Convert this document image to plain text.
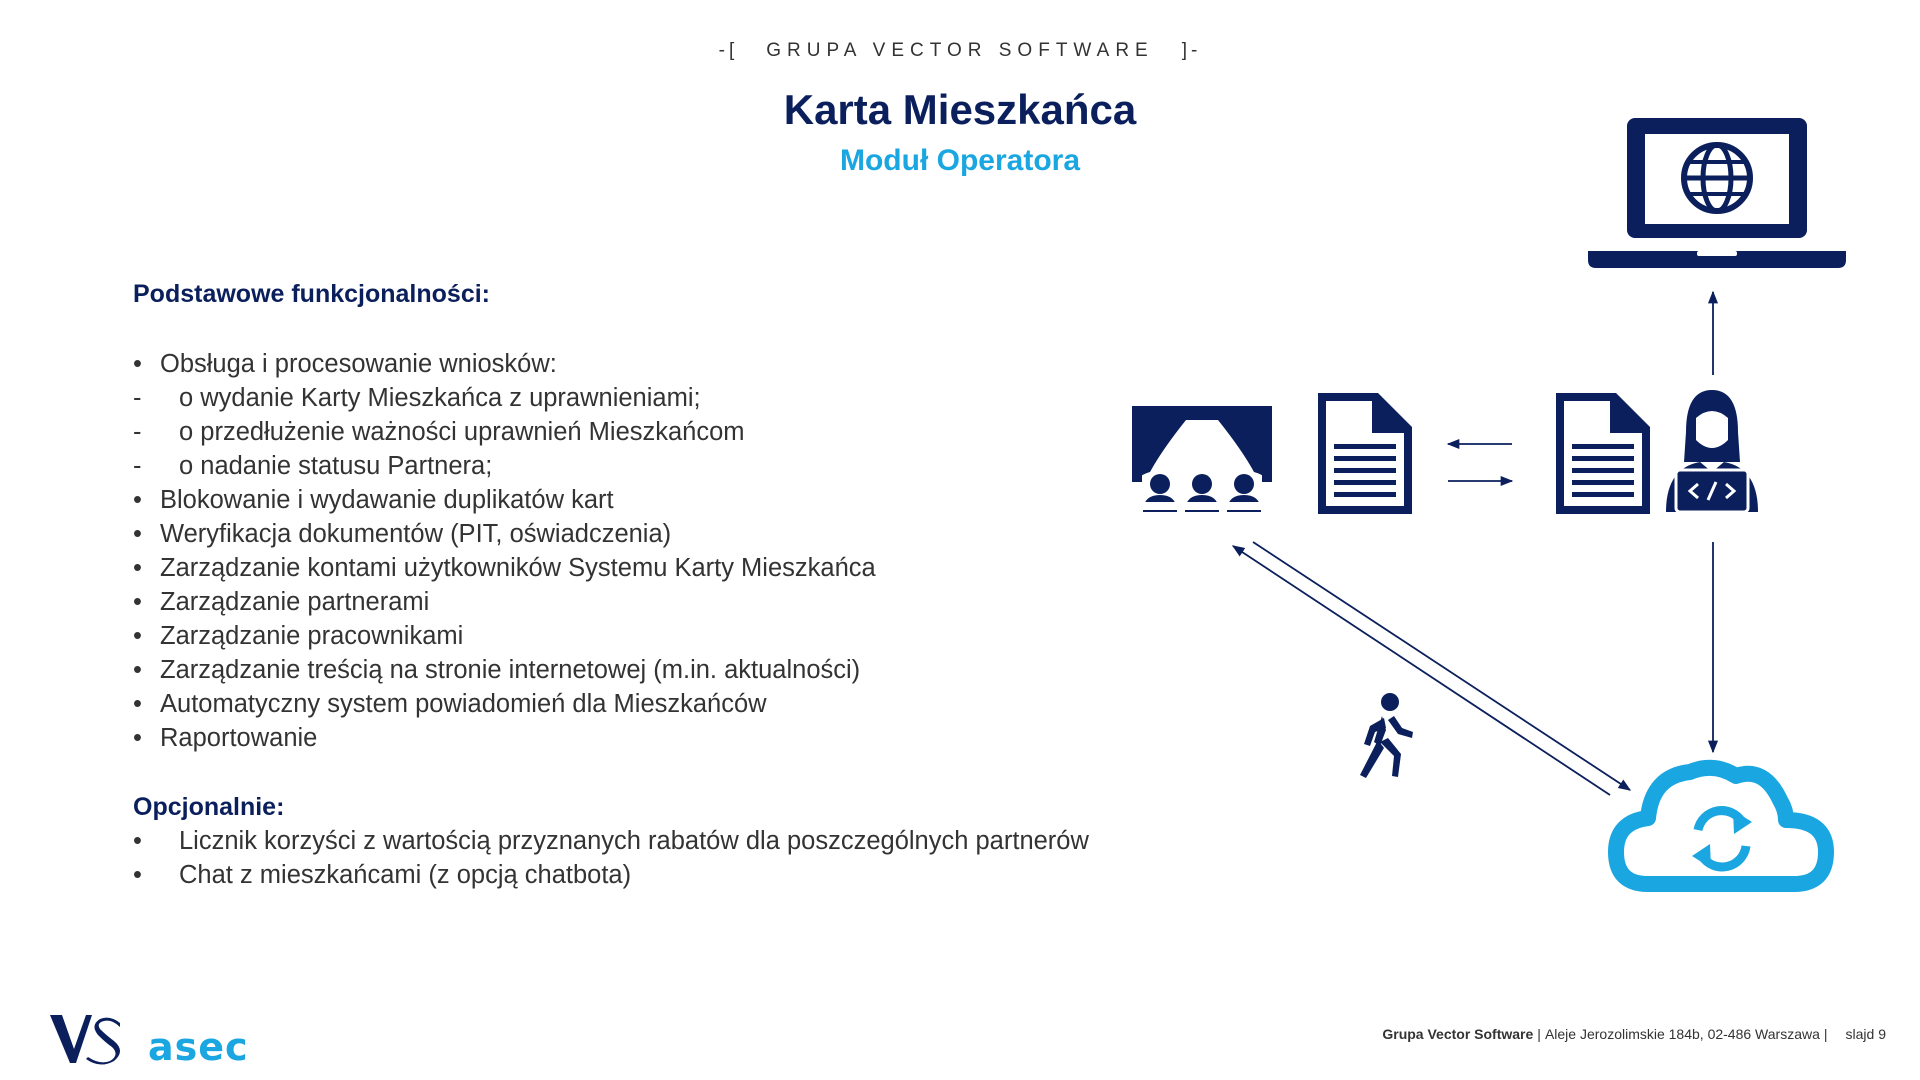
-[ GRUPA VECTOR SOFTWARE ]-
Karta Mieszkańca
Moduł Operatora
Podstawowe funkcjonalności:
• Obsługa i procesowanie wniosków:
- o wydanie Karty Mieszkańca z uprawnieniami;
- o przedłużenie ważności uprawnień Mieszkańcom
- o nadanie statusu Partnera;
• Blokowanie i wydawanie duplikatów kart
• Weryfikacja dokumentów (PIT, oświadczenia)
• Zarządzanie kontami użytkowników Systemu Karty Mieszkańca
• Zarządzanie partnerami
• Zarządzanie pracownikami
• Zarządzanie treścią na stronie internetowej (m.in. aktualności)
• Automatyczny system powiadomień dla Mieszkańców
• Raportowanie
Opcjonalnie:
• Licznik korzyści z wartością przyznanych rabatów dla poszczególnych partnerów
• Chat z mieszkańcami (z opcją chatbota)
asec	Grupa Vector Software | Aleje Jerozolimskie 184b, 02-486 Warszawa | slajd 9
